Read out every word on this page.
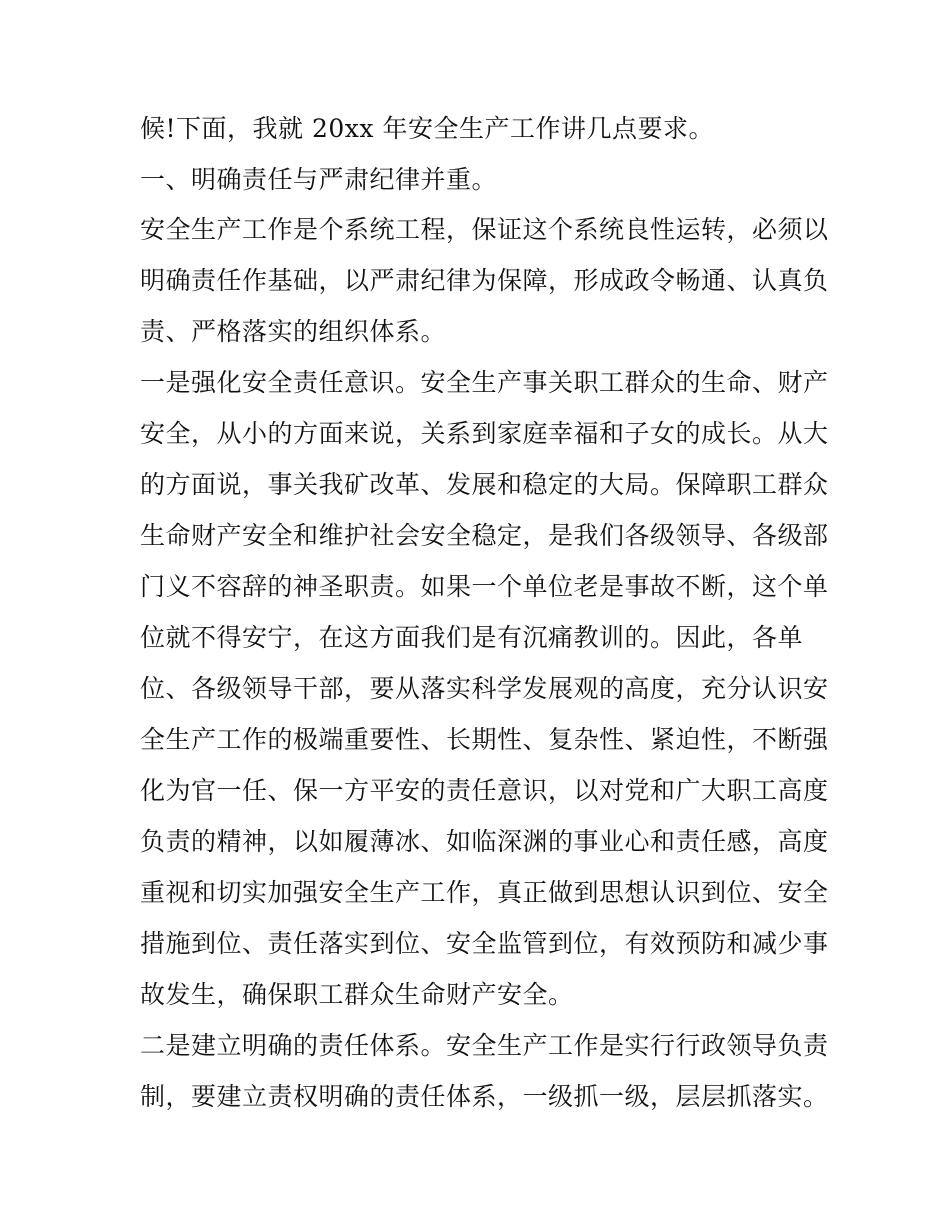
候!下面，我就 20xx 年安全生产工作讲几点要求。
一、明确责任与严肃纪律并重。
安全生产工作是个系统工程，保证这个系统良性运转，必须以
明确责任作基础，以严肃纪律为保障，形成政令畅通、认真负
责、严格落实的组织体系。
一是强化安全责任意识。安全生产事关职工群众的生命、财产
安全，从小的方面来说，关系到家庭幸福和子女的成长。从大
的方面说，事关我矿改革、发展和稳定的大局。保障职工群众
生命财产安全和维护社会安全稳定，是我们各级领导、各级部
门义不容辞的神圣职责。如果一个单位老是事故不断，这个单
位就不得安宁，在这方面我们是有沉痛教训的。因此，各单
位、各级领导干部，要从落实科学发展观的高度，充分认识安
全生产工作的极端重要性、长期性、复杂性、紧迫性，不断强
化为官一任、保一方平安的责任意识，以对党和广大职工高度
负责的精神，以如履薄冰、如临深渊的事业心和责任感，高度
重视和切实加强安全生产工作，真正做到思想认识到位、安全
措施到位、责任落实到位、安全监管到位，有效预防和减少事
故发生，确保职工群众生命财产安全。
二是建立明确的责任体系。安全生产工作是实行行政领导负责
制，要建立责权明确的责任体系，一级抓一级，层层抓落实。
